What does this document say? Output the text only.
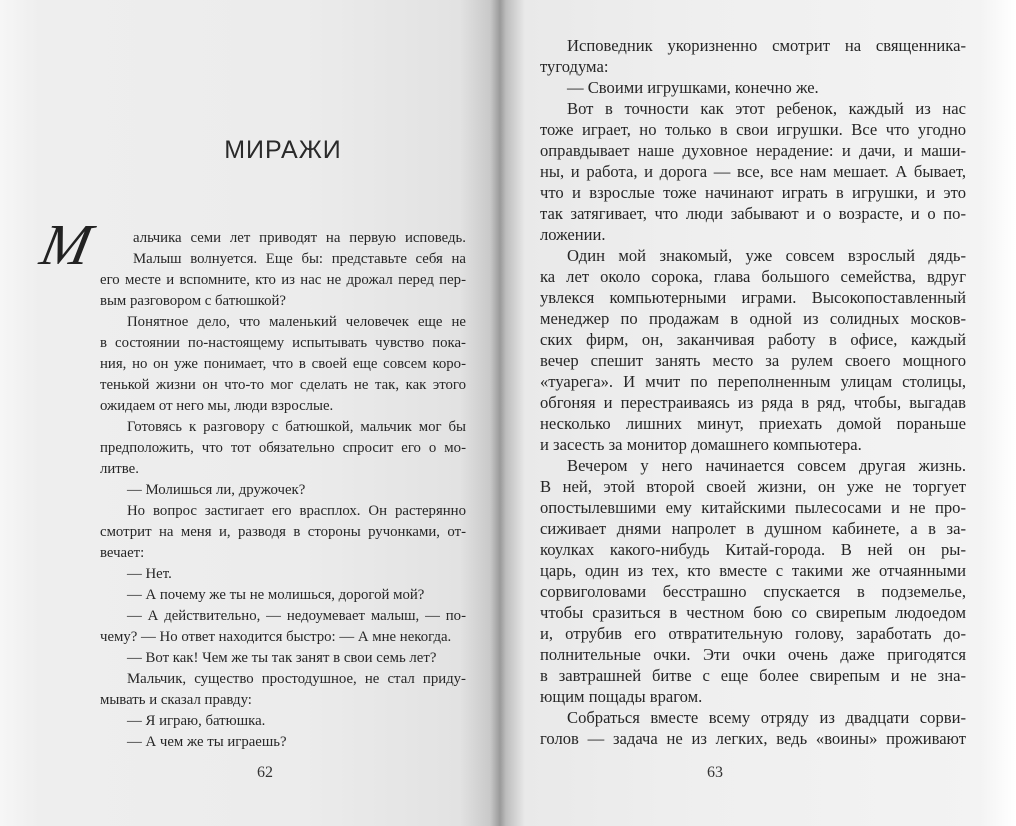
МИРАЖИ
М	альчика семи лет приводят на первую исповедь.
Малыш волнуется. Еще бы: представьте себя на
его месте и вспомните, кто из нас не дрожал перед пер-
вым разговором с батюшкой?
Понятное дело, что маленький человечек еще не
в состоянии по-настоящему испытывать чувство пока-
ния, но он уже понимает, что в своей еще совсем коро-
тенькой жизни он что-то мог сделать не так, как этого
ожидаем от него мы, люди взрослые.
Готовясь к разговору с батюшкой, мальчик мог бы
предположить, что тот обязательно спросит его о мо-
литве.
— Молишься ли, дружочек?
Но вопрос застигает его врасплох. Он растерянно
смотрит на меня и, разводя в стороны ручонками, от-
вечает:
— Нет.
— А почему же ты не молишься, дорогой мой?
— А действительно, — недоумевает малыш, — по-
чему? — Но ответ находится быстро: — А мне некогда.
— Вот как! Чем же ты так занят в свои семь лет?
Мальчик, существо простодушное, не стал приду-
мывать и сказал правду:
— Я играю, батюшка.
— А чем же ты играешь?
Исповедник укоризненно смотрит на священника-
тугодума:
— Своими игрушками, конечно же.
Вот в точности как этот ребенок, каждый из нас
тоже играет, но только в свои игрушки. Все что угодно
оправдывает наше духовное нерадение: и дачи, и маши-
ны, и работа, и дорога — все, все нам мешает. А бывает,
что и взрослые тоже начинают играть в игрушки, и это
так затягивает, что люди забывают и о возрасте, и о по-
ложении.
Один мой знакомый, уже совсем взрослый дядь-
ка лет около сорока, глава большого семейства, вдруг
увлекся компьютерными играми. Высокопоставленный
менеджер по продажам в одной из солидных москов-
ских фирм, он, заканчивая работу в офисе, каждый
вечер спешит занять место за рулем своего мощного
«туарега». И мчит по переполненным улицам столицы,
обгоняя и перестраиваясь из ряда в ряд, чтобы, выгадав
несколько лишних минут, приехать домой пораньше
и засесть за монитор домашнего компьютера.
Вечером у него начинается совсем другая жизнь.
В ней, этой второй своей жизни, он уже не торгует
опостылевшими ему китайскими пылесосами и не про-
сиживает днями напролет в душном кабинете, а в за-
коулках какого-нибудь Китай-города. В ней он ры-
царь, один из тех, кто вместе с такими же отчаянными
сорвиголовами бесстрашно спускается в подземелье,
чтобы сразиться в честном бою со свирепым людоедом
и, отрубив его отвратительную голову, заработать до-
полнительные очки. Эти очки очень даже пригодятся
в завтрашней битве с еще более свирепым и не зна-
ющим пощады врагом.
Собраться вместе всему отряду из двадцати сорви-
голов — задача не из легких, ведь «воины» проживают
62	63
